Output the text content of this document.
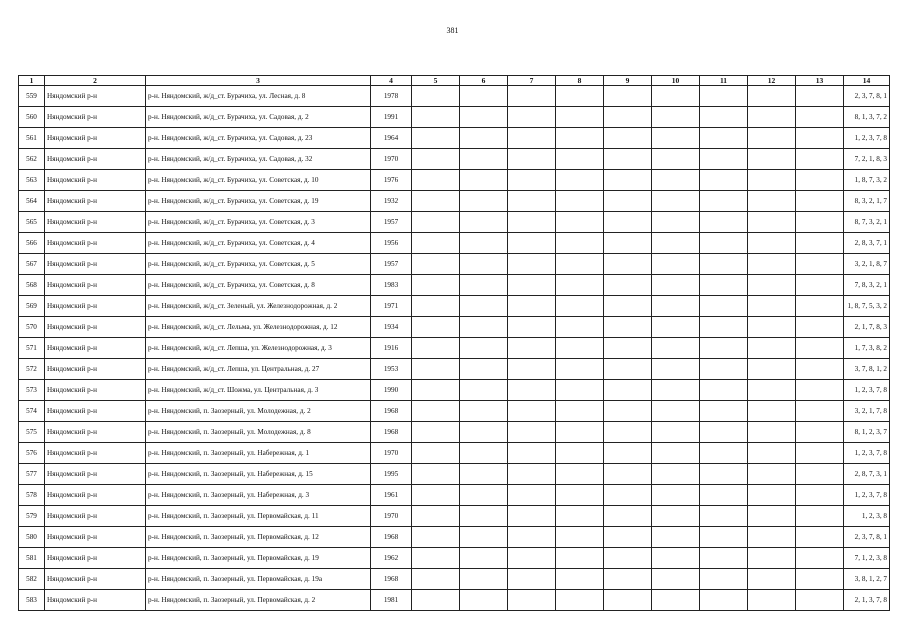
381
1	2	3	4	5	6	7	8	9	10	11	12	13	14
559	Няндомский р-н	р-н. Няндомский, ж/д_ст. Бурачиха, ул. Лесная, д. 8	1978										2, 3, 7, 8, 1
560	Няндомский р-н	р-н. Няндомский, ж/д_ст. Бурачиха, ул. Садовая, д. 2	1991										8, 1, 3, 7, 2
561	Няндомский р-н	р-н. Няндомский, ж/д_ст. Бурачиха, ул. Садовая, д. 23	1964										1, 2, 3, 7, 8
562	Няндомский р-н	р-н. Няндомский, ж/д_ст. Бурачиха, ул. Садовая, д. 32	1970										7, 2, 1, 8, 3
563	Няндомский р-н	р-н. Няндомский, ж/д_ст. Бурачиха, ул. Советская, д. 10	1976										1, 8, 7, 3, 2
564	Няндомский р-н	р-н. Няндомский, ж/д_ст. Бурачиха, ул. Советская, д. 19	1932										8, 3, 2, 1, 7
565	Няндомский р-н	р-н. Няндомский, ж/д_ст. Бурачиха, ул. Советская, д. 3	1957										8, 7, 3, 2, 1
566	Няндомский р-н	р-н. Няндомский, ж/д_ст. Бурачиха, ул. Советская, д. 4	1956										2, 8, 3, 7, 1
567	Няндомский р-н	р-н. Няндомский, ж/д_ст. Бурачиха, ул. Советская, д. 5	1957										3, 2, 1, 8, 7
568	Няндомский р-н	р-н. Няндомский, ж/д_ст. Бурачиха, ул. Советская, д. 8	1983										7, 8, 3, 2, 1
569	Няндомский р-н	р-н. Няндомский, ж/д_ст. Зеленый, ул. Железнодорожная, д. 2	1971										1, 8, 7, 5, 3, 2
570	Няндомский р-н	р-н. Няндомский, ж/д_ст. Лельма, ул. Железнодорожная, д. 12	1934										2, 1, 7, 8, 3
571	Няндомский р-н	р-н. Няндомский, ж/д_ст. Лепша, ул. Железнодорожная, д. 3	1916										1, 7, 3, 8, 2
572	Няндомский р-н	р-н. Няндомский, ж/д_ст. Лепша, ул. Центральная, д. 27	1953										3, 7, 8, 1, 2
573	Няндомский р-н	р-н. Няндомский, ж/д_ст. Шожма, ул. Центральная, д. 3	1990										1, 2, 3, 7, 8
574	Няндомский р-н	р-н. Няндомский, п. Заозерный, ул. Молодежная, д. 2	1968										3, 2, 1, 7, 8
575	Няндомский р-н	р-н. Няндомский, п. Заозерный, ул. Молодежная, д. 8	1968										8, 1, 2, 3, 7
576	Няндомский р-н	р-н. Няндомский, п. Заозерный, ул. Набережная, д. 1	1970										1, 2, 3, 7, 8
577	Няндомский р-н	р-н. Няндомский, п. Заозерный, ул. Набережная, д. 15	1995										2, 8, 7, 3, 1
578	Няндомский р-н	р-н. Няндомский, п. Заозерный, ул. Набережная, д. 3	1961										1, 2, 3, 7, 8
579	Няндомский р-н	р-н. Няндомский, п. Заозерный, ул. Первомайская, д. 11	1970										1, 2, 3, 8
580	Няндомский р-н	р-н. Няндомский, п. Заозерный, ул. Первомайская, д. 12	1968										2, 3, 7, 8, 1
581	Няндомский р-н	р-н. Няндомский, п. Заозерный, ул. Первомайская, д. 19	1962										7, 1, 2, 3, 8
582	Няндомский р-н	р-н. Няндомский, п. Заозерный, ул. Первомайская, д. 19а	1968										3, 8, 1, 2, 7
583	Няндомский р-н	р-н. Няндомский, п. Заозерный, ул. Первомайская, д. 2	1981										2, 1, 3, 7, 8
